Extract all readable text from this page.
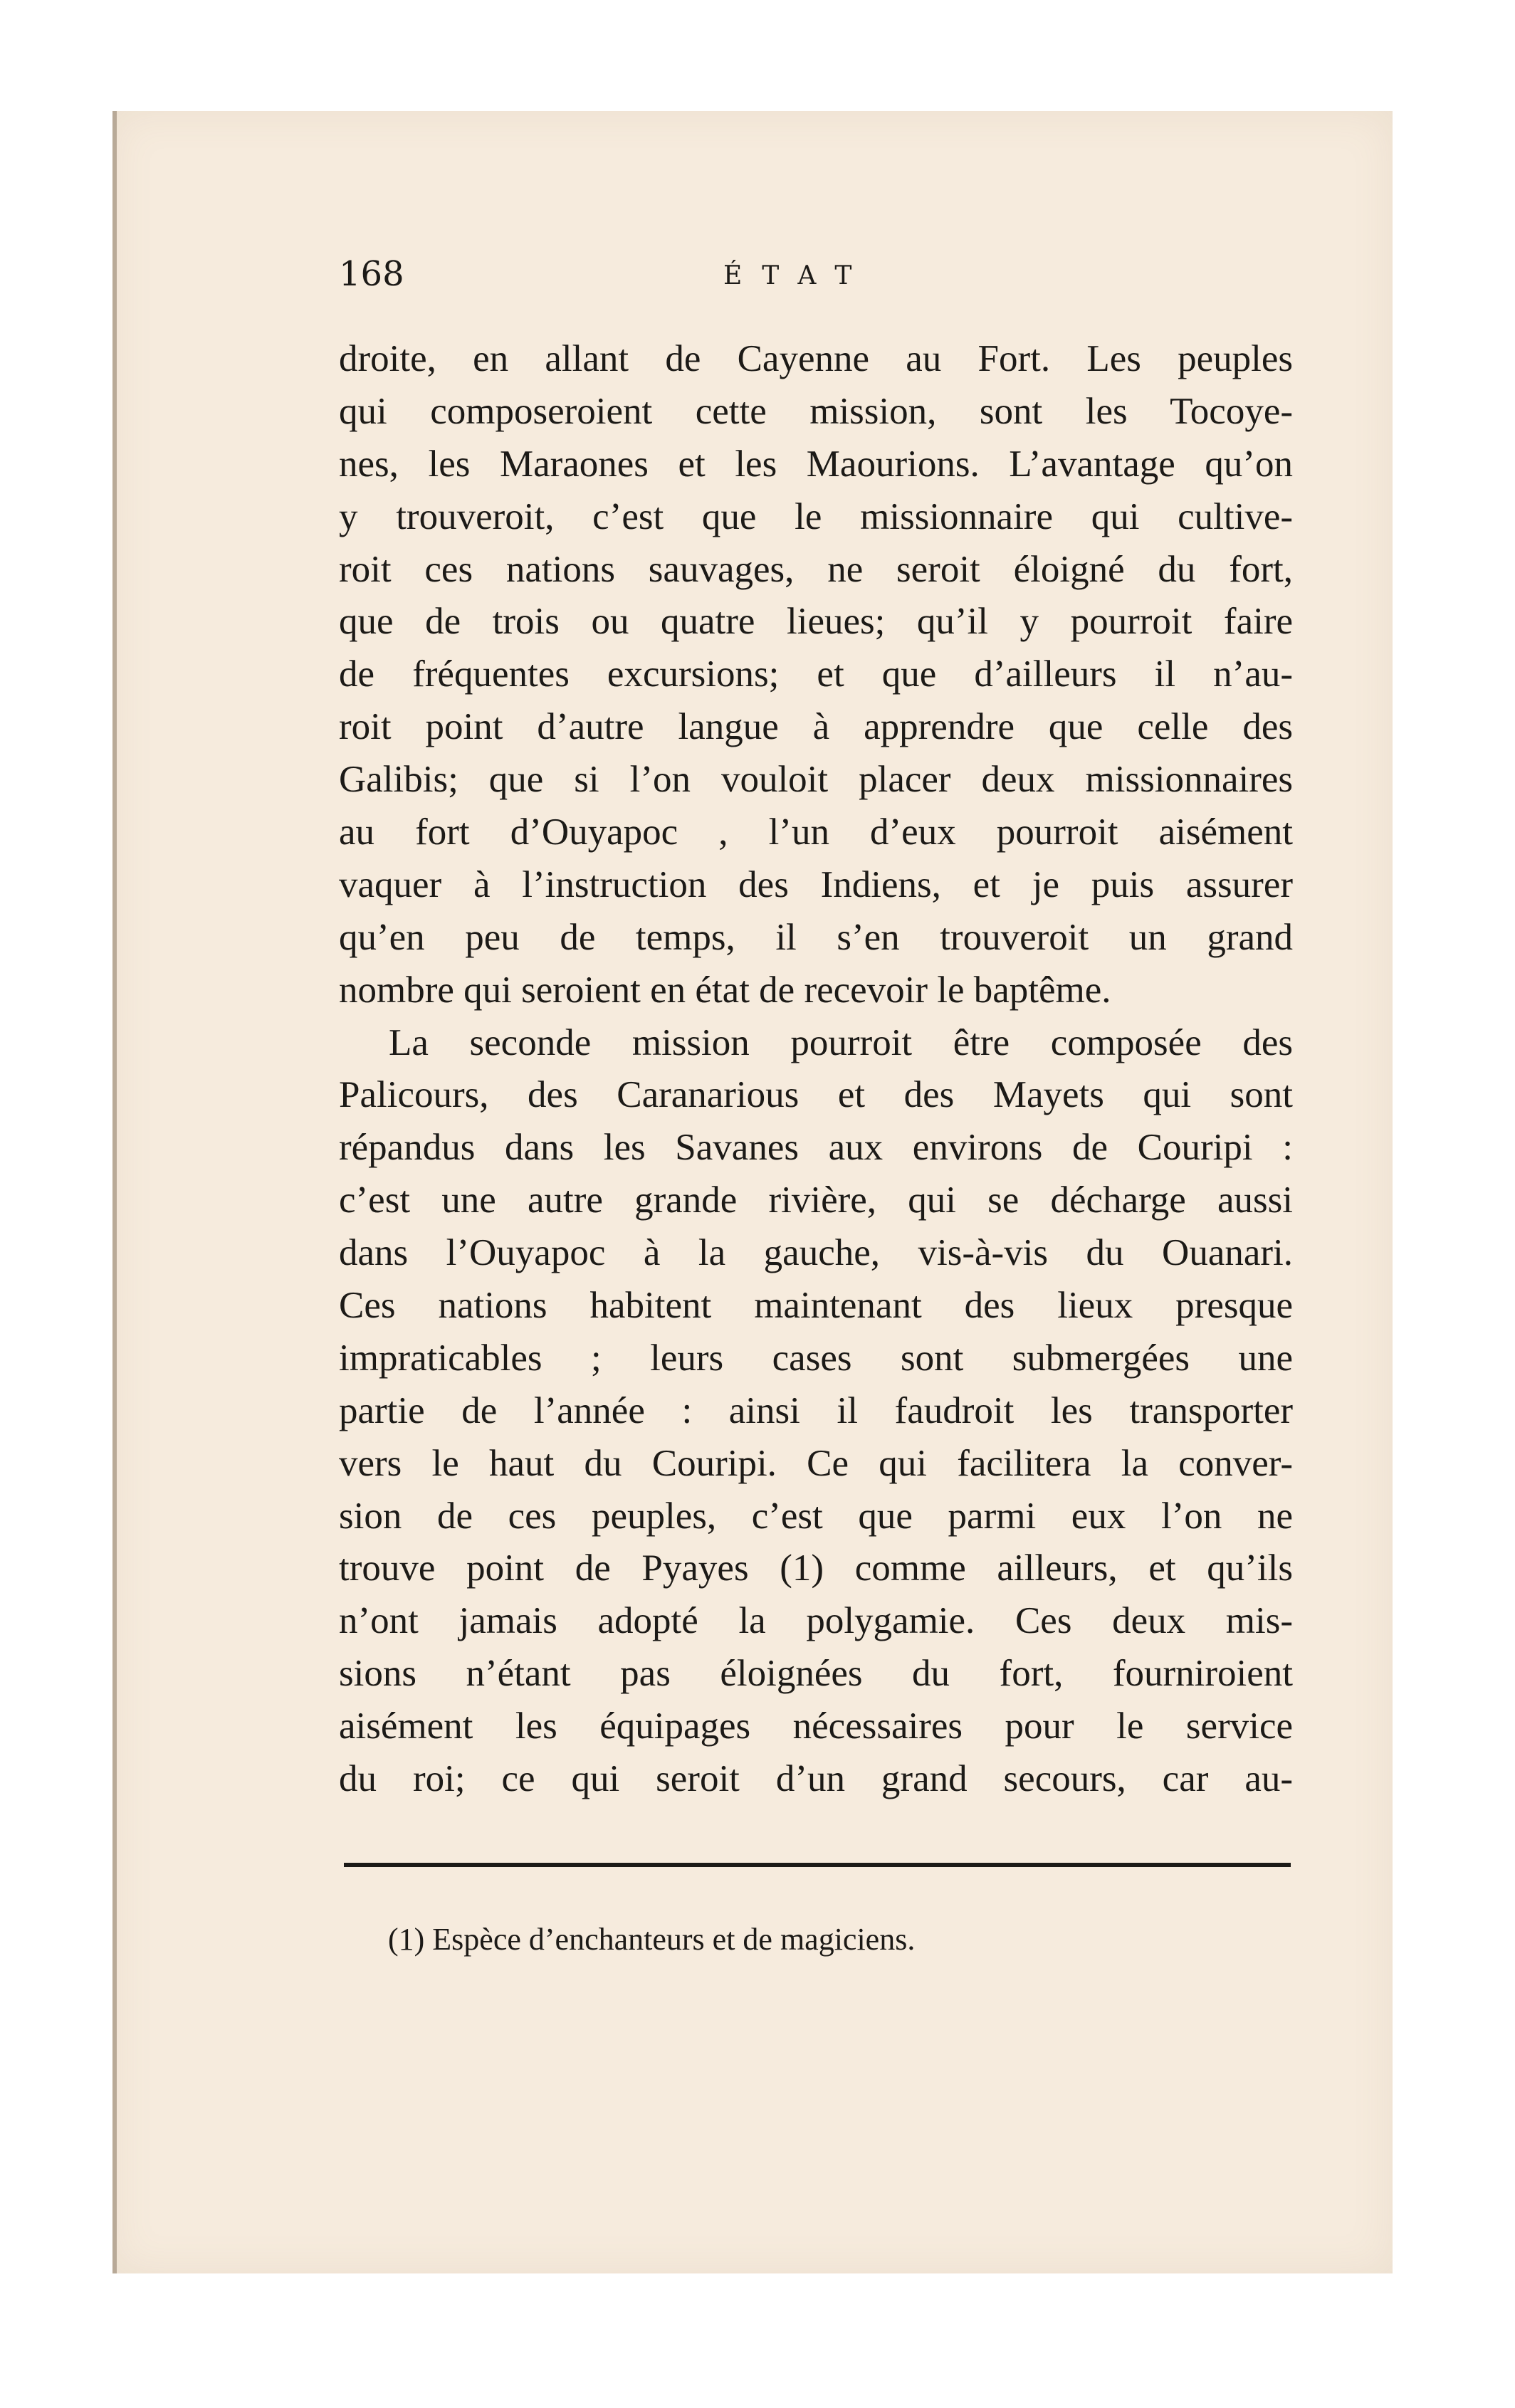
168	ÉTAT
droite, en allant de Cayenne au Fort. Les peuples
qui composeroient cette mission, sont les Tocoye-
nes, les Maraones et les Maourions. L’avantage qu’on
y trouveroit, c’est que le missionnaire qui cultive-
roit ces nations sauvages, ne seroit éloigné du fort,
que de trois ou quatre lieues; qu’il y pourroit faire
de fréquentes excursions; et que d’ailleurs il n’au-
roit point d’autre langue à apprendre que celle des
Galibis; que si l’on vouloit placer deux missionnaires
au fort d’Ouyapoc , l’un d’eux pourroit aisément
vaquer à l’instruction des Indiens, et je puis assurer
qu’en peu de temps, il s’en trouveroit un grand
nombre qui seroient en état de recevoir le baptême.
La seconde mission pourroit être composée des
Palicours, des Caranarious et des Mayets qui sont
répandus dans les Savanes aux environs de Couripi :
c’est une autre grande rivière, qui se décharge aussi
dans l’Ouyapoc à la gauche, vis-à-vis du Ouanari.
Ces nations habitent maintenant des lieux presque
impraticables ; leurs cases sont submergées une
partie de l’année : ainsi il faudroit les transporter
vers le haut du Couripi. Ce qui facilitera la conver-
sion de ces peuples, c’est que parmi eux l’on ne
trouve point de Pyayes (1) comme ailleurs, et qu’ils
n’ont jamais adopté la polygamie. Ces deux mis-
sions n’étant pas éloignées du fort, fourniroient
aisément les équipages nécessaires pour le service
du roi; ce qui seroit d’un grand secours, car au-
(1) Espèce d’enchanteurs et de magiciens.
